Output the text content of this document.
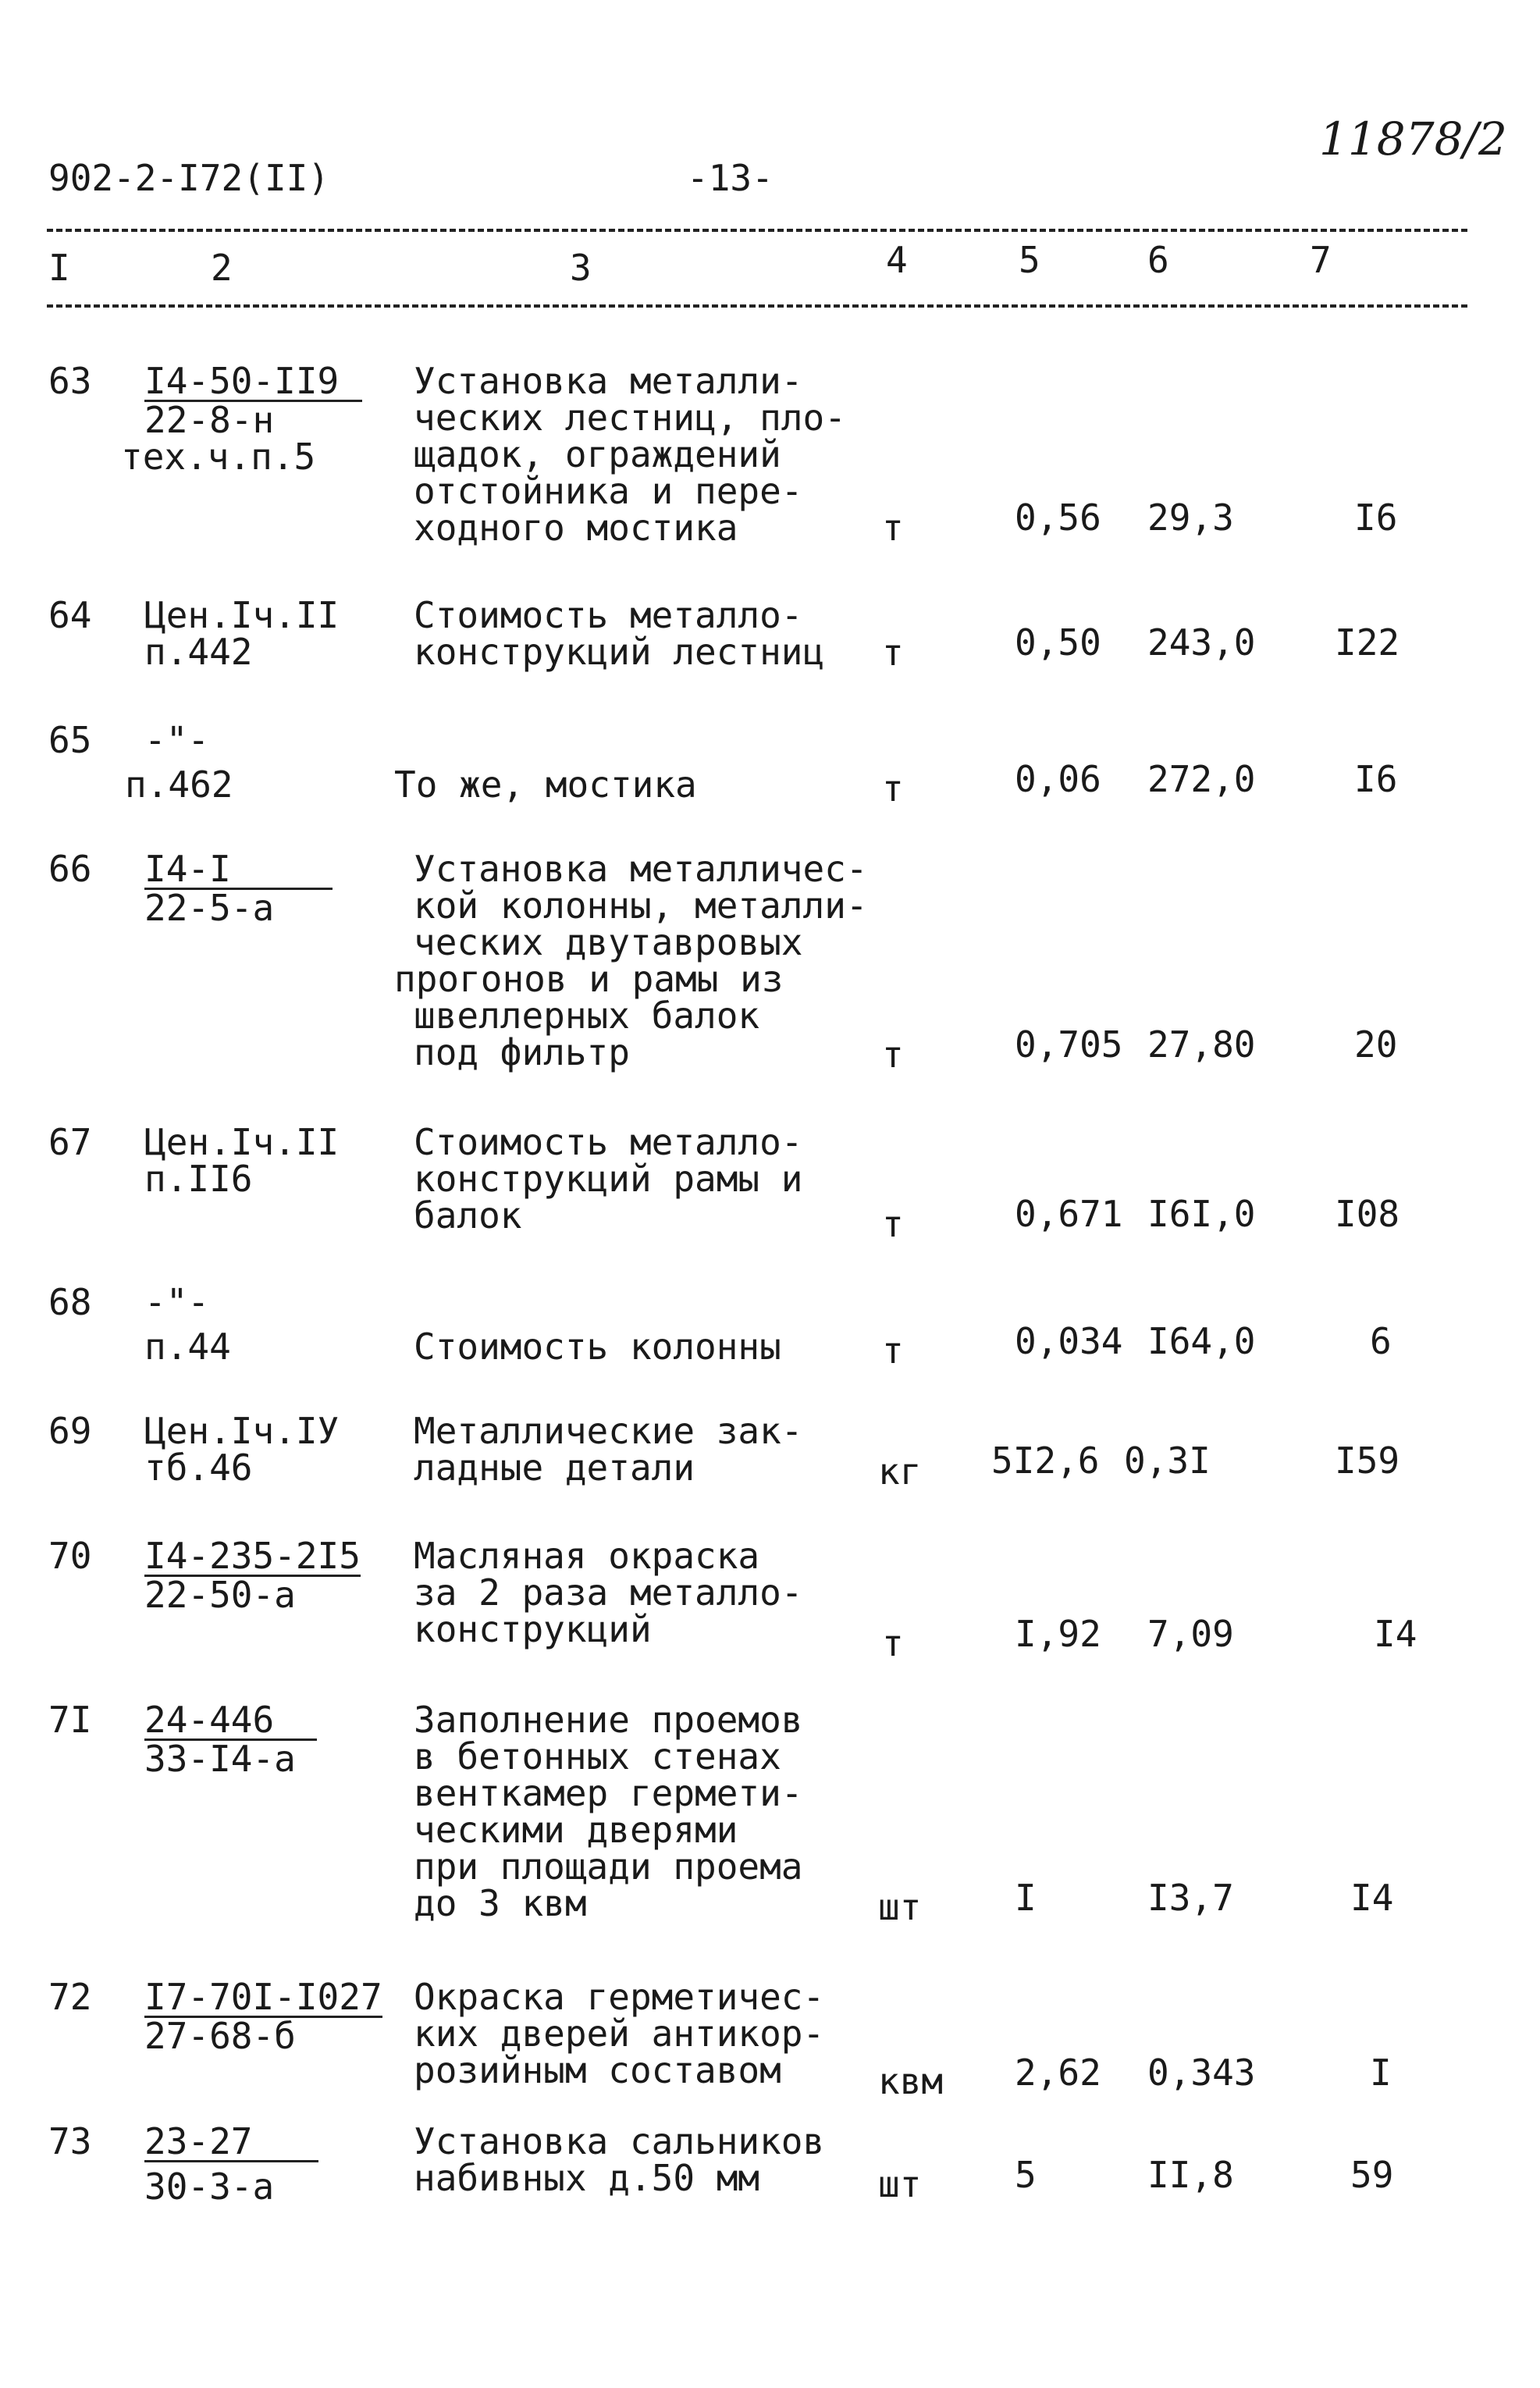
902-2-I72(II)	-13-
11878/2
I	2	3	4	5	6	7
63 I4-50-II9
22-8-н
тех.ч.п.5
Установка металли-
ческих лестниц, пло-
щадок, ограждений
отстойника и пере-
ходного мостика	т	0,56 29,3	I6
64 Цен.Iч.II
п.442
Стоимость металло-
конструкций лестниц т	0,50 243,0 I22
65 -"-
п.462	То же, мостика	т	0,06 272,0	I6
66 I4-I
22-5-а
Установка металличес-
кой колонны, металли-
ческих двутавровых
прогонов и рамы из
швеллерных балок
под фильтр	т	0,705 27,80	20
67 Цен.Iч.II
п.II6
Стоимость металло-
конструкций рамы и
балок	т	0,671 I6I,0 I08
68 -"-
п.44	Стоимость колонны	т	0,034 I64,0	6
69 Цен.Iч.IУ
тб.46
Металлические зак-
ладные детали	кг 5I2,6 0,3I	I59
70 I4-235-2I5
22-50-а
Масляная окраска
за 2 раза металло-
конструкций	т	I,92 7,09	I4
7I 24-446
33-I4-а
Заполнение проемов
в бетонных стенах
венткамер гермети-
ческими дверями
при площади проема
до 3 квм	шт	I	I3,7	I4
72 I7-70I-I027
27-68-б
Окраска герметичес-
ких дверей антикор-
розийным составом	квм 2,62 0,343	I
73 23-27
30-3-а
Установка сальников
набивных д.50 мм	шт	5	II,8	59
